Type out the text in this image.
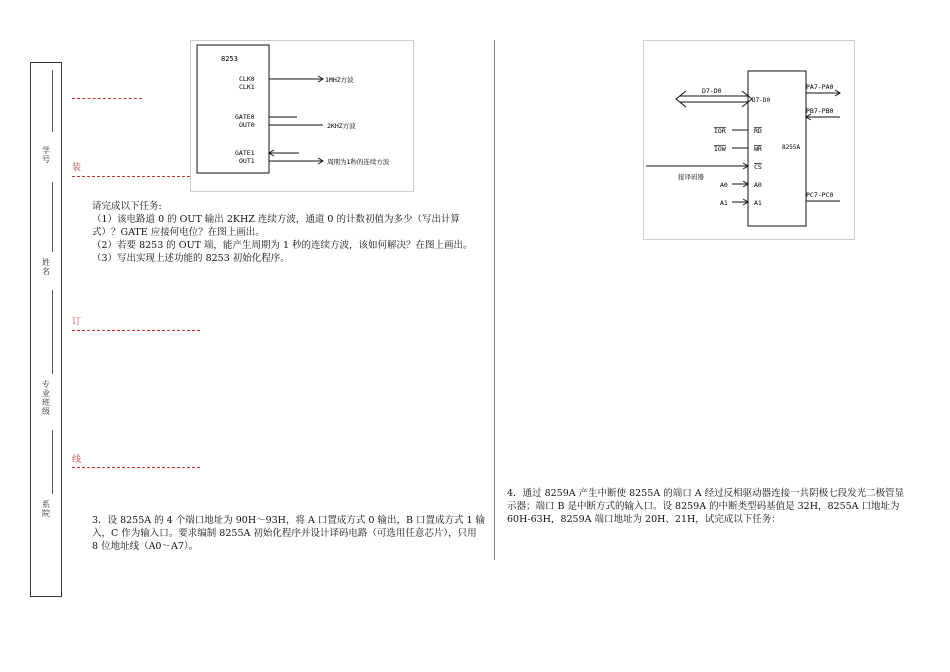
学 号
姓 名
专业 班 级
系 院
装
订
线
8253
CLK0
CLK1
GATE0
OUT0
GATE1
OUT1
1MHZ方波
2KHZ方波
周期为1秒的连续方波
请完成以下任务:
（1）该电路道 0 的 OUT 输出 2KHZ 连续方波，通道 0 的计数初值为多少（写出计算
式）？GATE 应接何电位？在图上画出。
（2）若要 8253 的 OUT 端，能产生周期为 1 秒的连续方波，该如何解决？在图上画出。
（3）写出实现上述功能的 8253 初始化程序。
3．设 8255A 的 4 个端口地址为 90H～93H，将 A 口置成方式 0 输出，B 口置成方式 1 输
入，C 作为输入口。要求编制 8255A 初始化程序并设计译码电路（可选用任意芯片），只用
8 位地址线（A0～A7）。
8255A
D7-D0
D7-D0
IOR	RD
IOW	WR
CS
接译码器
A0	A0
A1	A1
PA7-PA0
PB7-PB0
PC7-PC0
4．通过 8259A 产生中断使 8255A 的端口 A 经过反相驱动器连接一共阴极七段发光二极管显
示器；端口 B 是中断方式的输入口。设 8259A 的中断类型码基值是 32H，8255A 口地址为
60H-63H，8259A 端口地址为 20H、21H，试完成以下任务：
